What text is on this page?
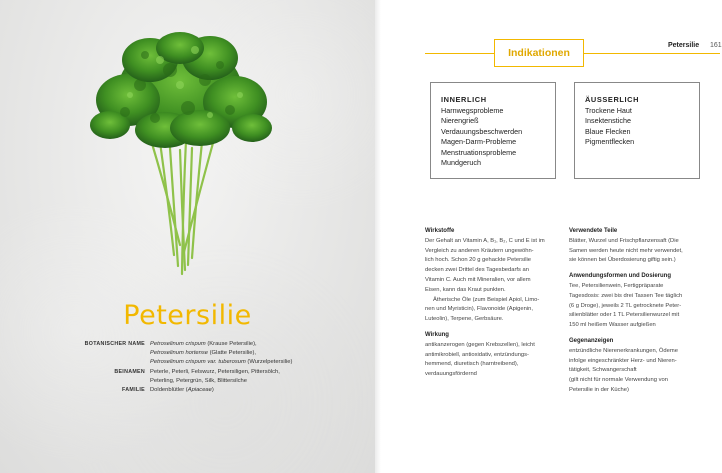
Petersilie
BOTANISCHER NAME Petroselinum crispum (Krause Petersilie),
Petroselinum hortense (Glatte Petersilie),
Petroselinum crispum var. tuberosum (Wurzelpetersilie)
BEINAMEN Peterle, Peterli, Felswurz, Petersiligen, Pittersölch,
Peterling, Petergrün, Silk, Blittersilche
FAMILIE Doldenblütler (Apiaceae)
Indikationen
Petersilie 161
INNERLICH
Harnwegsprobleme
Nierengrieß
Verdauungsbeschwerden
Magen-Darm-Probleme
Menstruationsprobleme
Mundgeruch
ÄUSSERLICH
Trockene Haut
Insektenstiche
Blaue Flecken
Pigmentflecken
Wirkstoffe
Der Gehalt an Vitamin A, B₁, B₂, C und E ist im
Vergleich zu anderen Kräutern ungewöhn-
lich hoch. Schon 20 g gehackte Petersilie
decken zwei Drittel des Tagesbedarfs an
Vitamin C. Auch mit Mineralien, vor allem
Eisen, kann das Kraut punkten.
Ätherische Öle (zum Beispiel Apiol, Limo-
nen und Myristicin), Flavonoide (Apigenin,
Luteolin), Terpene, Gerbsäure.
Wirkung
antikanzerogen (gegen Krebszellen), leicht
antimikrobiell, antioxidativ, entzündungs-
hemmend, diuretisch (harntreibend),
verdauungsfördernd
Verwendete Teile
Blätter, Wurzel und Frischpflanzensaft (Die
Samen werden heute nicht mehr verwendet,
sie können bei Überdosierung giftig sein.)
Anwendungsformen und Dosierung
Tee, Petersilienwein, Fertigpräparate
Tagesdosis: zwei bis drei Tassen Tee täglich
(6 g Droge), jeweils 2 TL getrocknete Peter-
silienblätter oder 1 TL Petersilienwurzel mit
150 ml heißem Wasser aufgießen
Gegenanzeigen
entzündliche Nierenerkrankungen, Ödeme
infolge eingeschränkter Herz- und Nieren-
tätigkeit, Schwangerschaft
(gilt nicht für normale Verwendung von
Petersilie in der Küche)
